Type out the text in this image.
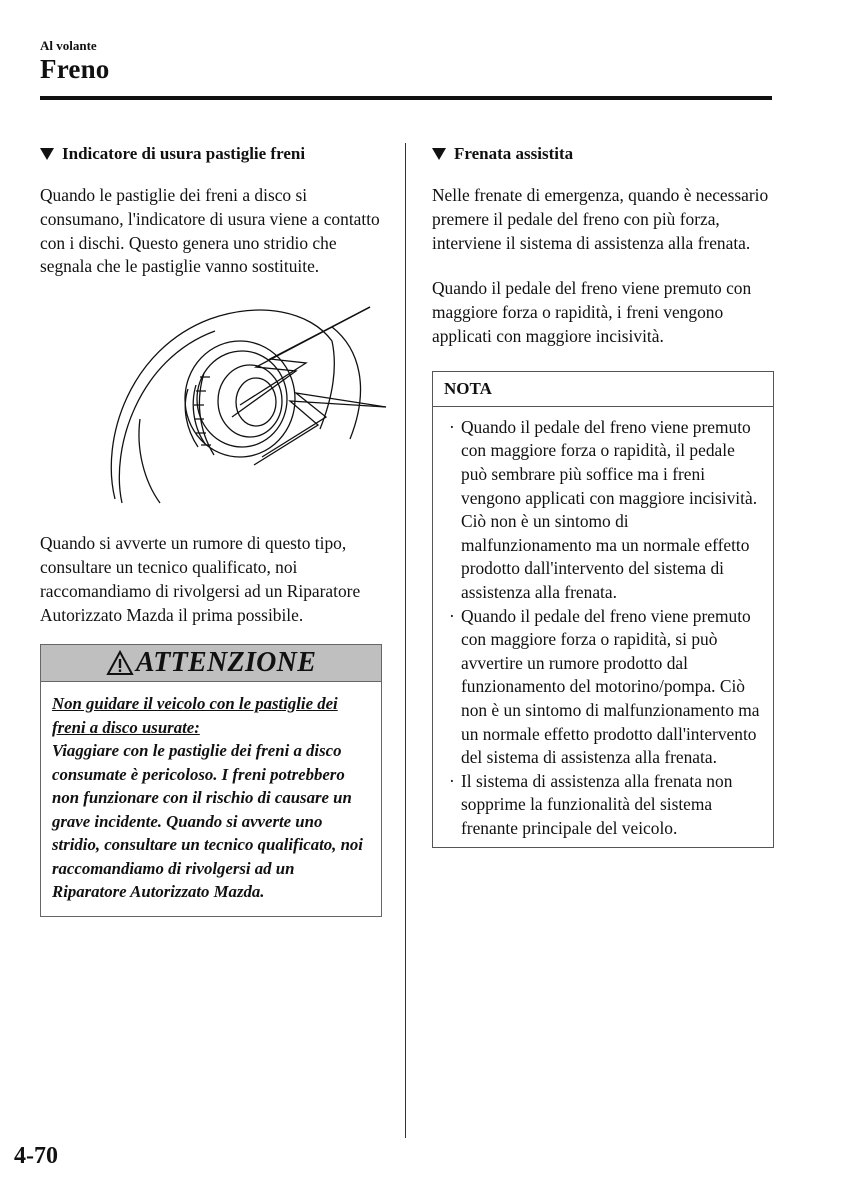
Al volante
Freno
Indicatore di usura pastiglie freni

Quando le pastiglie dei freni a disco si consumano, l'indicatore di usura viene a contatto con i dischi. Questo genera uno stridio che segnala che le pastiglie vanno sostituite.

Quando si avverte un rumore di questo tipo, consultare un tecnico qualificato, noi raccomandiamo di rivolgersi ad un Riparatore Autorizzato Mazda il prima possibile.

ATTENZIONE
Non guidare il veicolo con le pastiglie dei freni a disco usurate:
Viaggiare con le pastiglie dei freni a disco consumate è pericoloso. I freni potrebbero non funzionare con il rischio di causare un grave incidente. Quando si avverte uno stridio, consultare un tecnico qualificato, noi raccomandiamo di rivolgersi ad un Riparatore Autorizzato Mazda.
Frenata assistita

Nelle frenate di emergenza, quando è necessario premere il pedale del freno con più forza, interviene il sistema di assistenza alla frenata.

Quando il pedale del freno viene premuto con maggiore forza o rapidità, i freni vengono applicati con maggiore incisività.

NOTA
· Quando il pedale del freno viene premuto con maggiore forza o rapidità, il pedale può sembrare più soffice ma i freni vengono applicati con maggiore incisività. Ciò non è un sintomo di malfunzionamento ma un normale effetto prodotto dall'intervento del sistema di assistenza alla frenata.
· Quando il pedale del freno viene premuto con maggiore forza o rapidità, si può avvertire un rumore prodotto dal funzionamento del motorino/pompa. Ciò non è un sintomo di malfunzionamento ma un normale effetto prodotto dall'intervento del sistema di assistenza alla frenata.
· Il sistema di assistenza alla frenata non sopprime la funzionalità del sistema frenante principale del veicolo.
4-70
